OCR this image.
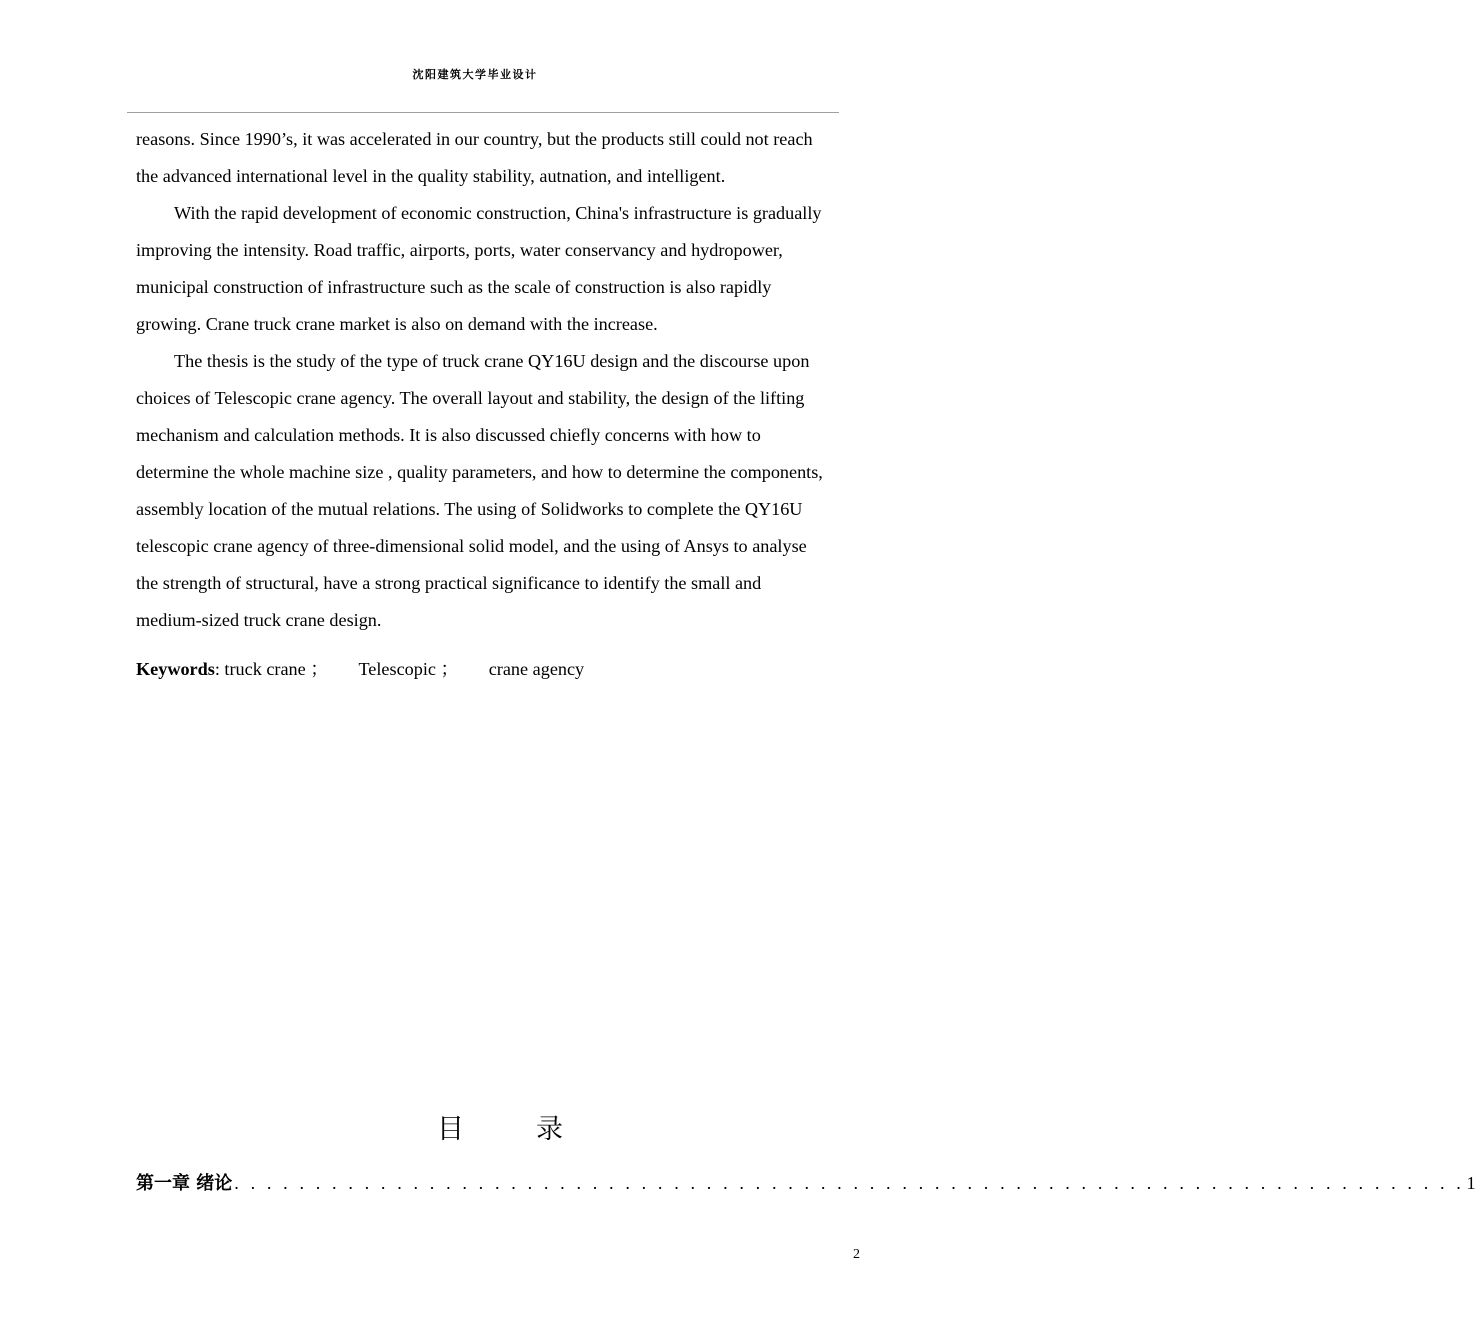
沈阳建筑大学毕业设计

reasons. Since 1990’s, it was accelerated in our country, but the products still could not reach

the advanced international level in the quality stability, autnation, and intelligent.

With the rapid development of economic construction, China's infrastructure is gradually

improving the intensity. Road traffic, airports, ports, water conservancy and hydropower,

municipal construction of infrastructure such as the scale of construction is also rapidly

growing. Crane truck crane market is also on demand with the increase.

The thesis is the study of the type of truck crane QY16U design and the discourse upon

choices of Telescopic crane agency. The overall layout and stability, the design of the lifting

mechanism and calculation methods. It is also discussed chiefly concerns with how to

determine the whole machine size , quality parameters, and how to determine the components,

assembly location of the mutual relations. The using of Solidworks to complete the QY16U

telescopic crane agency of three-dimensional solid model, and the using of Ansys to analyse

the strength of structural, have a strong practical significance to identify the small and

medium-sized truck crane design.

Keywords: truck crane ； Telescopic ； crane agency
目	录
第一章 绪论 . . . . . . . . . . . . . . . . . . . . . . . . . . . . . . . . . . . . . . . . . . . . . . . . . . . . . . . . . . . . . . . . . . . . . . . . . . . . 1
2
